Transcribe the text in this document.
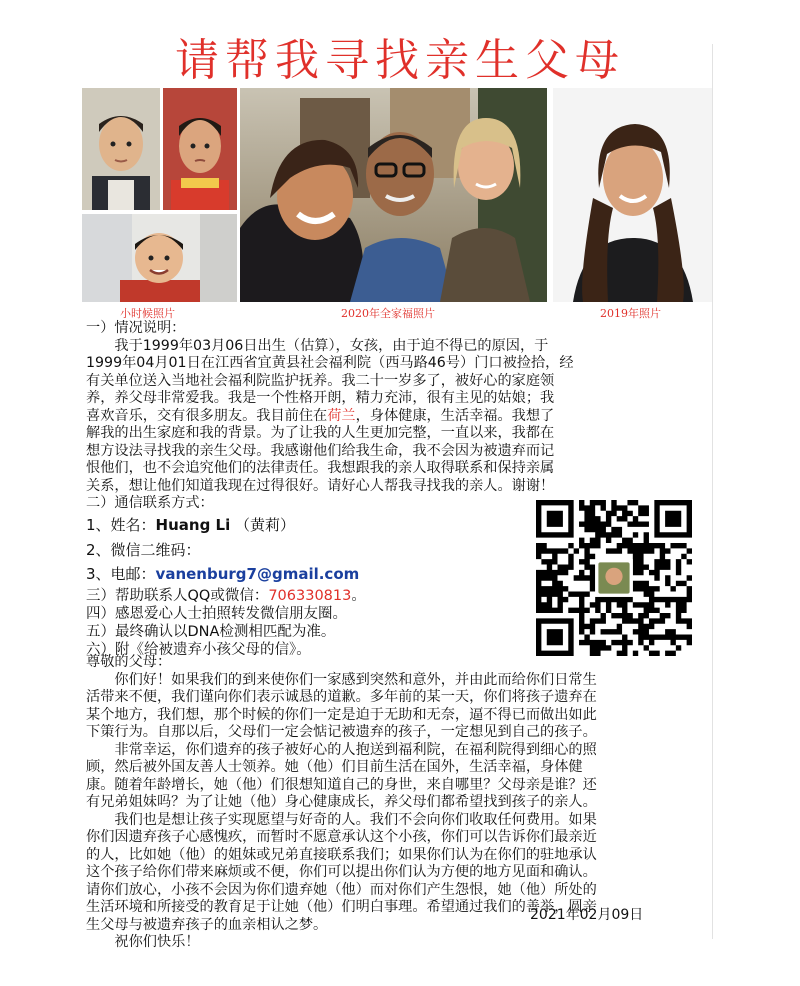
请帮我寻找亲生父母
小时候照片	2020年全家福照片	2019年照片
一）情况说明：
　　我于1999年03月06日出生（估算），女孩，由于迫不得已的原因，于
1999年04月01日在江西省宜黄县社会福利院（西马路46号）门口被捡拾，经
有关单位送入当地社会福利院监护抚养。我二十一岁多了，被好心的家庭领
养，养父母非常爱我。我是一个性格开朗，精力充沛，很有主见的姑娘；我
喜欢音乐，交有很多朋友。我目前住在荷兰，身体健康，生活幸福。我想了
解我的出生家庭和我的背景。为了让我的人生更加完整，一直以来，我都在
想方设法寻找我的亲生父母。我感谢他们给我生命，我不会因为被遗弃而记
恨他们，也不会追究他们的法律责任。我想跟我的亲人取得联系和保持亲属
关系，想让他们知道我现在过得很好。请好心人帮我寻找我的亲人。谢谢！
二）通信联系方式：
1、姓名：Huang Li （黄莉）
2、微信二维码：
3、电邮：vanenburg7@gmail.com
三）帮助联系人QQ或微信：706330813。
四）感恩爱心人士拍照转发微信朋友圈。
五）最终确认以DNA检测相匹配为准。
六）附《给被遗弃小孩父母的信》。
尊敬的父母：
　　你们好！如果我们的到来使你们一家感到突然和意外，并由此而给你们日常生
活带来不便，我们谨向你们表示诚恳的道歉。多年前的某一天，你们将孩子遗弃在
某个地方，我们想，那个时候的你们一定是迫于无助和无奈，逼不得已而做出如此
下策行为。自那以后，父母们一定会惦记被遗弃的孩子，一定想见到自己的孩子。
　　非常幸运，你们遗弃的孩子被好心的人抱送到福利院，在福利院得到细心的照
顾，然后被外国友善人士领养。她（他）们目前生活在国外，生活幸福，身体健
康。随着年龄增长，她（他）们很想知道自己的身世，来自哪里？父母亲是谁？还
有兄弟姐妹吗？为了让她（他）身心健康成长，养父母们都希望找到孩子的亲人。
　　我们也是想让孩子实现愿望与好奇的人。我们不会向你们收取任何费用。如果
你们因遗弃孩子心感愧疚，而暂时不愿意承认这个小孩，你们可以告诉你们最亲近
的人，比如她（他）的姐妹或兄弟直接联系我们；如果你们认为在你们的驻地承认
这个孩子给你们带来麻烦或不便，你们可以提出你们认为方便的地方见面和确认。
请你们放心，小孩不会因为你们遗弃她（他）而对你们产生怨恨，她（他）所处的
生活环境和所接受的教育足于让她（他）们明白事理。希望通过我们的善举，圆亲
生父母与被遗弃孩子的血亲相认之梦。
　　祝你们快乐！
2021年02月09日
